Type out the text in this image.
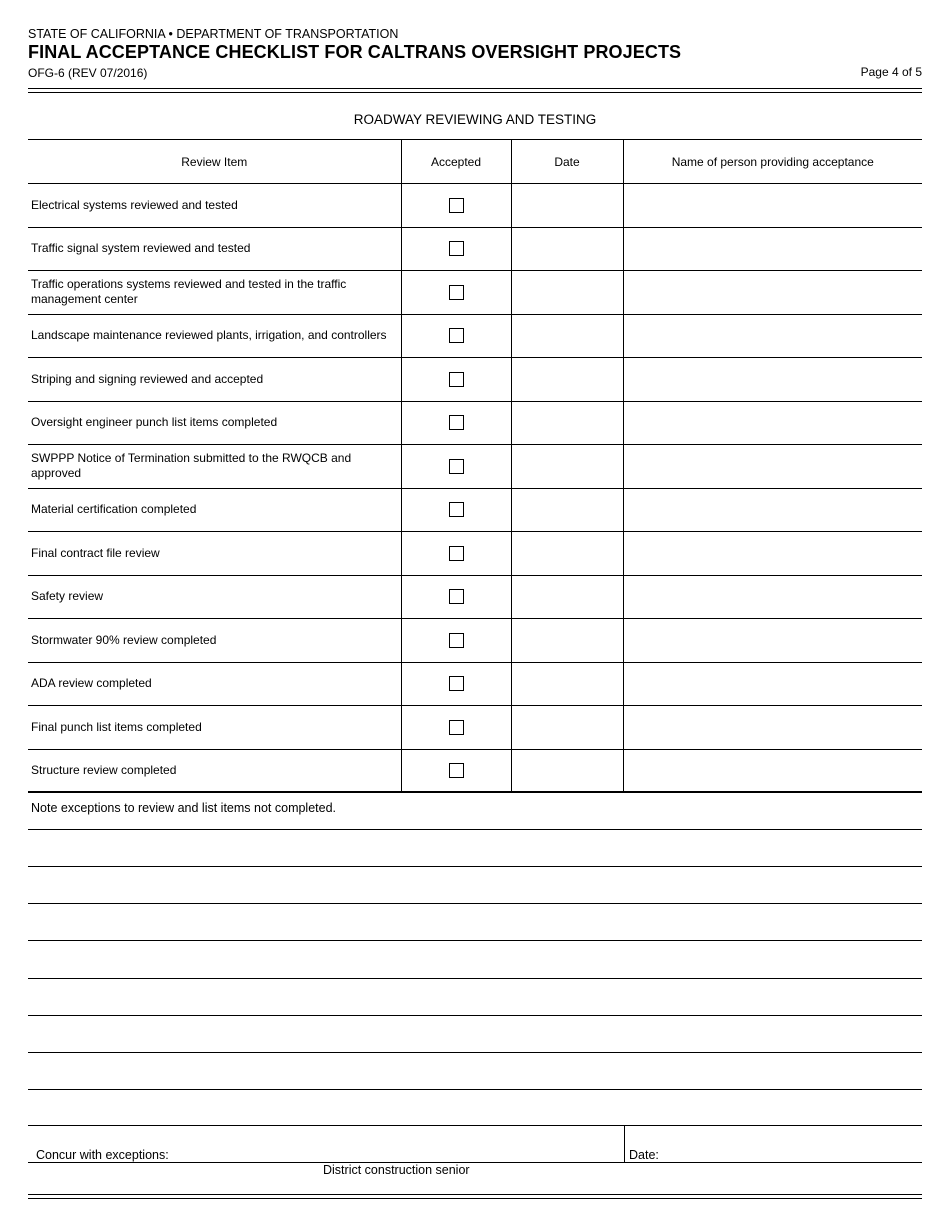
STATE OF CALIFORNIA • DEPARTMENT OF TRANSPORTATION
FINAL ACCEPTANCE CHECKLIST FOR CALTRANS OVERSIGHT PROJECTS
OFG-6 (REV 07/2016)	Page 4 of 5
ROADWAY REVIEWING AND TESTING
Review Item	Accepted	Date	Name of person providing acceptance
Electrical systems reviewed and tested			
Traffic signal system reviewed and tested			
Traffic operations systems reviewed and tested in the traffic management center			
Landscape maintenance reviewed plants, irrigation, and controllers			
Striping and signing reviewed and accepted			
Oversight engineer punch list items completed			
SWPPP Notice of Termination submitted to the RWQCB and approved			
Material certification completed			
Final contract file review			
Safety review			
Stormwater 90% review completed			
ADA review completed			
Final punch list items completed			
Structure review completed			
Note exceptions to review and list items not completed.
Concur with exceptions:	Date:
District construction senior
